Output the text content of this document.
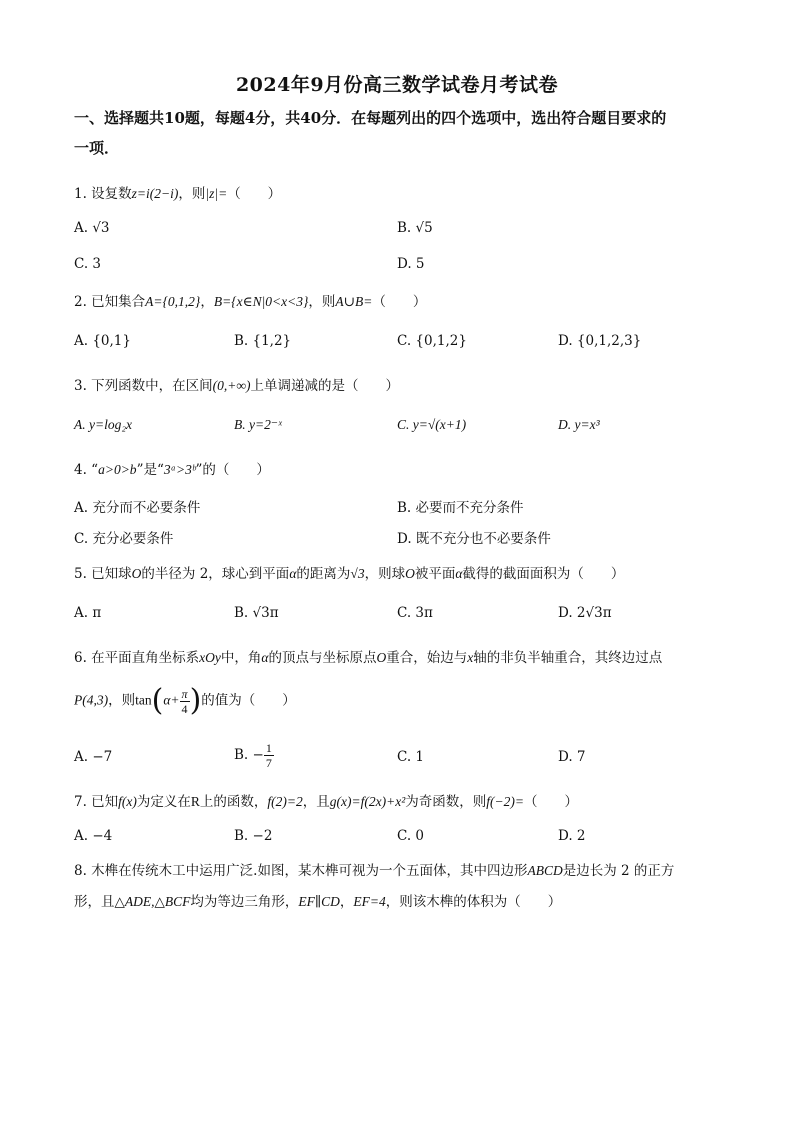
2024年9月份高三数学试卷月考试卷
一、选择题共10题，每题4分，共40分．在每题列出的四个选项中，选出符合题目要求的
一项．
1. 设复数z=i(2−i)，则|z|=（　　）
A. √3	B. √5
C. 3	D. 5
2. 已知集合A={0,1,2}，B={x∈N|0<x<3}，则A∪B=（　　）
A. {0,1}	B. {1,2}	C. {0,1,2}	D. {0,1,2,3}
3. 下列函数中，在区间(0,+∞)上单调递减的是（　　）
A. y=log₂x	B. y=2⁻ˣ	C. y=√(x+1)	D. y=x³
4. “a>0>b”是“3ᵃ>3ᵇ”的（　　）
A. 充分而不必要条件	B. 必要而不充分条件
C. 充分必要条件	D. 既不充分也不必要条件
5. 已知球O的半径为 2，球心到平面α的距离为√3，则球O被平面α截得的截面面积为（　　）
A. π	B. √3π	C. 3π	D. 2√3π
6. 在平面直角坐标系xOy中，角α的顶点与坐标原点O重合，始边与x轴的非负半轴重合，其终边过点
P(4,3)，则$\tan(\alpha+ \frac{\pi}{4}$ )的值为（　　）
A. −7	B. − $\frac{1}{7}$	C. 1	D. 7
7. 已知f(x)为定义在R上的函数，f(2)=2，且g(x)=f(2x)+x²为奇函数，则f(−2)=（　　）
A. −4	B. −2	C. 0	D. 2
8. 木榫在传统木工中运用广泛.如图，某木榫可视为一个五面体，其中四边形ABCD是边长为 2 的正方
形，且△ADE,△BCF均为等边三角形，EF∥CD，EF=4，则该木榫的体积为（　　）
